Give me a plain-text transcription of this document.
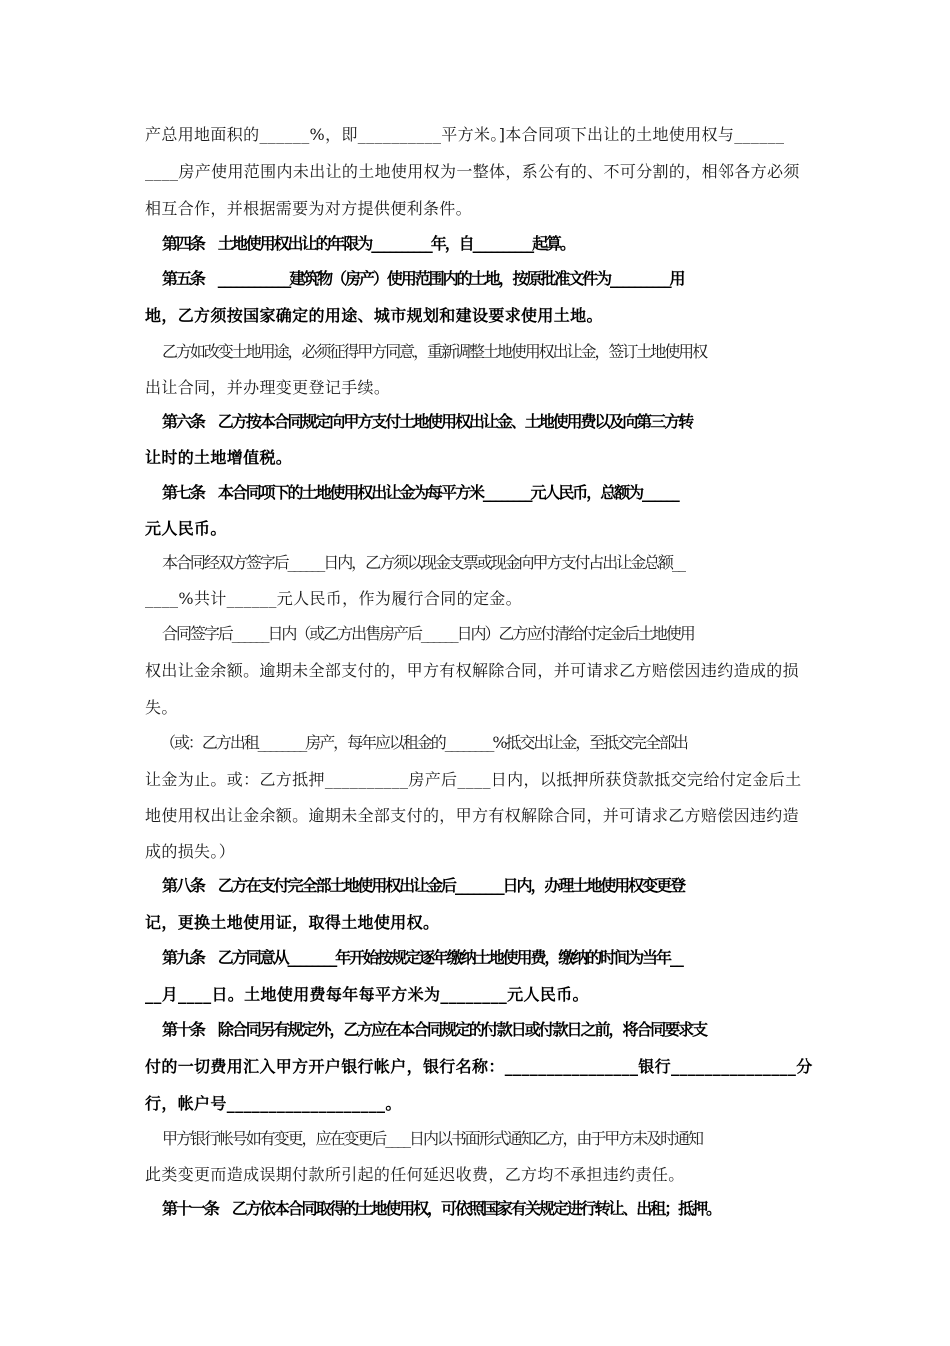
产总用地面积的______%，即__________平方米。]本合同项下出让的土地使用权与______
____房产使用范围内未出让的土地使用权为一整体，系公有的、不可分割的，相邻各方必须
相互合作，并根据需要为对方提供便利条件。
第四条　土地使用权出让的年限为__________年，自__________起算。
第五条　____________建筑物（房产）使用范围内的土地，按原批准文件为__________用
地，乙方须按国家确定的用途、城市规划和建设要求使用土地。
乙方如改变土地用途，必须征得甲方同意，重新调整土地使用权出让金，签订土地使用权
出让合同，并办理变更登记手续。
第六条　乙方按本合同规定向甲方支付土地使用权出让金、土地使用费以及向第三方转
让时的土地增值税。
第七条　本合同项下的土地使用权出让金为每平方米________元人民币，总额为______
元人民币。
本合同经双方签字后______日内，乙方须以现金支票或现金向甲方支付占出让金总额__
____%共计______元人民币，作为履行合同的定金。
合同签字后______日内（或乙方出售房产后______日内）乙方应付清给付定金后土地使用
权出让金余额。逾期未全部支付的，甲方有权解除合同，并可请求乙方赔偿因违约造成的损
失。
（或：乙方出租________房产，每年应以租金的________%抵交出让金，至抵交完全部出
让金为止。或：乙方抵押__________房产后____日内，以抵押所获贷款抵交完给付定金后土
地使用权出让金余额。逾期未全部支付的，甲方有权解除合同，并可请求乙方赔偿因违约造
成的损失。）
第八条　乙方在支付完全部土地使用权出让金后________日内，办理土地使用权变更登
记，更换土地使用证，取得土地使用权。
第九条　乙方同意从________年开始按规定逐年缴纳土地使用费，缴纳的时间为当年__
__月____日。土地使用费每年每平方米为________元人民币。
第十条　除合同另有规定外，乙方应在本合同规定的付款日或付款日之前，将合同要求支
付的一切费用汇入甲方开户银行帐户，银行名称：________________银行_______________分
行，帐户号___________________。
甲方银行帐号如有变更，应在变更后____日内以书面形式通知乙方，由于甲方未及时通知
此类变更而造成误期付款所引起的任何延迟收费，乙方均不承担违约责任。
第十一条　乙方依本合同取得的土地使用权，可依照国家有关规定进行转让、出租；抵押。
